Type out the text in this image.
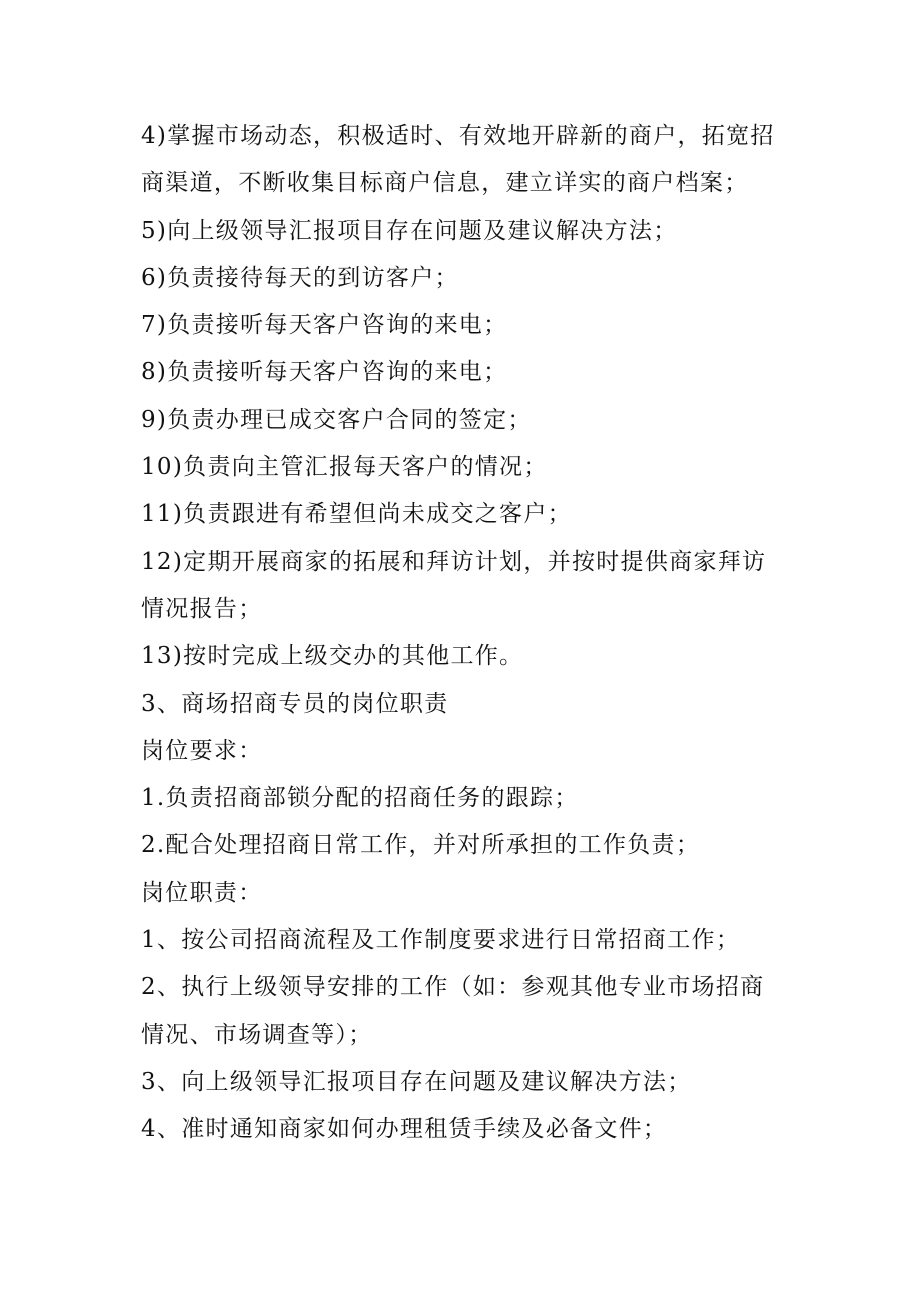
4)掌握市场动态，积极适时、有效地开辟新的商户，拓宽招
商渠道，不断收集目标商户信息，建立详实的商户档案；
5)向上级领导汇报项目存在问题及建议解决方法；
6)负责接待每天的到访客户；
7)负责接听每天客户咨询的来电；
8)负责接听每天客户咨询的来电；
9)负责办理已成交客户合同的签定；
10)负责向主管汇报每天客户的情况；
11)负责跟进有希望但尚未成交之客户；
12)定期开展商家的拓展和拜访计划，并按时提供商家拜访
情况报告；
13)按时完成上级交办的其他工作。
3、商场招商专员的岗位职责
岗位要求：
1.负责招商部锁分配的招商任务的跟踪；
2.配合处理招商日常工作，并对所承担的工作负责；
岗位职责：
1、按公司招商流程及工作制度要求进行日常招商工作；
2、执行上级领导安排的工作（如：参观其他专业市场招商
情况、市场调查等）；
3、向上级领导汇报项目存在问题及建议解决方法；
4、准时通知商家如何办理租赁手续及必备文件；
